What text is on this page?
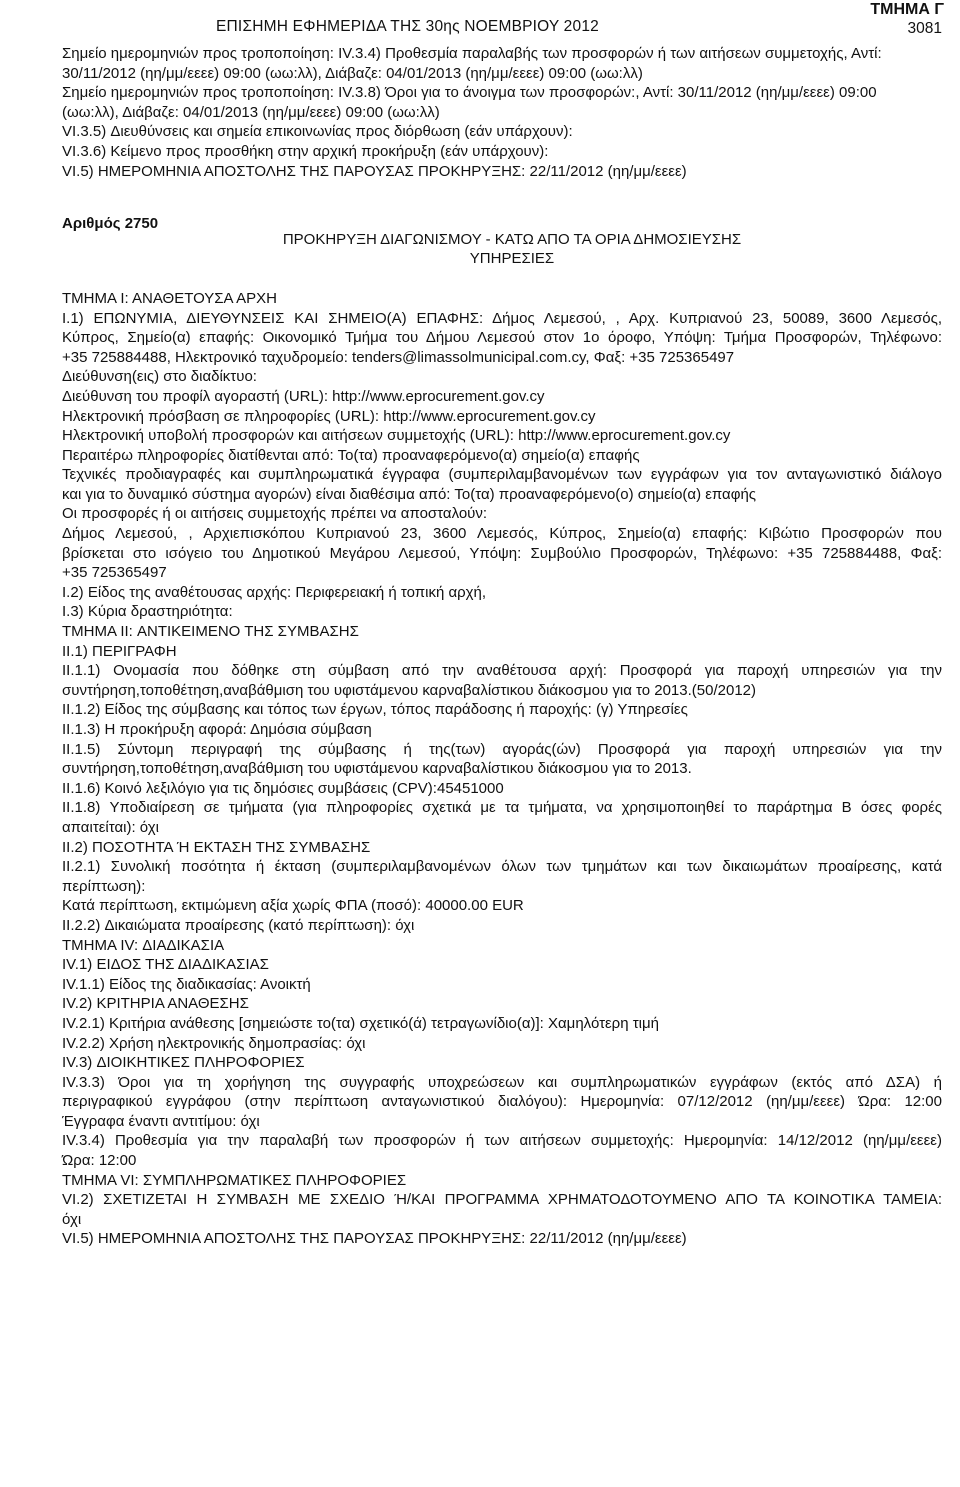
ΕΠΙΣΗΜΗ ΕΦΗΜΕΡΙΔΑ ΤΗΣ 30ης ΝΟΕΜΒΡΙΟΥ 2012
ΤΜΗΜΑ Γ
3081
Σημείο ημερομηνιών προς τροποποίηση: IV.3.4) Προθεσμία παραλαβής των προσφορών ή των αιτήσεων συμμετοχής, Αντί:
30/11/2012 (ηη/μμ/εεεε) 09:00 (ωω:λλ), Διάβαζε: 04/01/2013 (ηη/μμ/εεεε) 09:00 (ωω:λλ)
Σημείο ημερομηνιών προς τροποποίηση: IV.3.8) Όροι για το άνοιγμα των προσφορών:, Αντί: 30/11/2012 (ηη/μμ/εεεε) 09:00
(ωω:λλ), Διάβαζε: 04/01/2013 (ηη/μμ/εεεε) 09:00 (ωω:λλ)
VI.3.5) Διευθύνσεις και σημεία επικοινωνίας προς διόρθωση (εάν υπάρχουν):
VI.3.6) Κείμενο προς προσθήκη στην αρχική προκήρυξη (εάν υπάρχουν):
VI.5) ΗΜΕΡΟΜΗΝΙΑ ΑΠΟΣΤΟΛΗΣ ΤΗΣ ΠΑΡΟΥΣΑΣ ΠΡΟΚΗΡΥΞΗΣ: 22/11/2012 (ηη/μμ/εεεε)
Αριθμός 2750
ΠΡΟΚΗΡΥΞΗ ΔΙΑΓΩΝΙΣΜΟΥ - ΚΑΤΩ ΑΠΟ ΤΑ ΟΡΙΑ ΔΗΜΟΣΙΕΥΣΗΣ
ΥΠΗΡΕΣΙΕΣ
ΤΜΗΜΑ Ι: ΑΝΑΘΕΤΟΥΣΑ ΑΡΧΗ
I.1) ΕΠΩΝΥΜΙΑ, ΔΙΕΥΘΥΝΣΕΙΣ ΚΑΙ ΣΗΜΕΙΟ(Α) ΕΠΑΦΗΣ: Δήμος Λεμεσού, , Αρχ. Κυπριανού 23, 50089, 3600 Λεμεσός,
Κύπρος, Σημείο(α) επαφής: Οικονομικό Τμήμα του Δήμου Λεμεσού στον 1ο όροφο, Υπόψη: Τμήμα Προσφορών, Τηλέφωνο:
+35 725884488, Ηλεκτρονικό ταχυδρομείο: tenders@limassolmunicipal.com.cy, Φαξ: +35 725365497
Διεύθυνση(εις) στο διαδίκτυο:
Διεύθυνση του προφίλ αγοραστή (URL): http://www.eprocurement.gov.cy
Ηλεκτρονική πρόσβαση σε πληροφορίες (URL): http://www.eprocurement.gov.cy
Ηλεκτρονική υποβολή προσφορών και αιτήσεων συμμετοχής (URL): http://www.eprocurement.gov.cy
Περαιτέρω πληροφορίες διατίθενται από: Το(τα) προαναφερόμενο(α) σημείο(α) επαφής
Τεχνικές προδιαγραφές και συμπληρωματικά έγγραφα (συμπεριλαμβανομένων των εγγράφων για τον ανταγωνιστικό διάλογο
και για το δυναμικό σύστημα αγορών) είναι διαθέσιμα από: Το(τα) προαναφερόμενο(ο) σημείο(α) επαφής
Οι προσφορές ή οι αιτήσεις συμμετοχής πρέπει να αποσταλούν:
Δήμος Λεμεσού, , Αρχιεπισκόπου Κυπριανού 23, 3600 Λεμεσός, Κύπρος, Σημείο(α) επαφής: Κιβώτιο Προσφορών που
βρίσκεται στο ισόγειο του Δημοτικού Μεγάρου Λεμεσού, Υπόψη: Συμβούλιο Προσφορών, Τηλέφωνο: +35 725884488, Φαξ:
+35 725365497
I.2) Είδος της αναθέτουσας αρχής: Περιφερειακή ή τοπική αρχή,
I.3) Κύρια δραστηριότητα:
ΤΜΗΜΑ II: ΑΝΤΙΚΕΙΜΕΝΟ ΤΗΣ ΣΥΜΒΑΣΗΣ
II.1) ΠΕΡΙΓΡΑΦΗ
II.1.1) Ονομασία που δόθηκε στη σύμβαση από την αναθέτουσα αρχή: Προσφορά για παροχή υπηρεσιών για την
συντήρηση,τοποθέτηση,αναβάθμιση του υφιστάμενου καρναβαλίστικου διάκοσμου για το 2013.(50/2012)
II.1.2) Είδος της σύμβασης και τόπος των έργων, τόπος παράδοσης ή παροχής: (γ) Υπηρεσίες
II.1.3) Η προκήρυξη αφορά: Δημόσια σύμβαση
II.1.5) Σύντομη περιγραφή της σύμβασης ή της(των) αγοράς(ών) Προσφορά για παροχή υπηρεσιών για την
συντήρηση,τοποθέτηση,αναβάθμιση του υφιστάμενου καρναβαλίστικου διάκοσμου για το 2013.
II.1.6) Κοινό λεξιλόγιο για τις δημόσιες συμβάσεις (CPV):45451000
II.1.8) Υποδιαίρεση σε τμήματα (για πληροφορίες σχετικά με τα τμήματα, να χρησιμοποιηθεί το παράρτημα Β όσες φορές
απαιτείται): όχι
II.2) ΠΟΣΟΤΗΤΑ Ή ΕΚΤΑΣΗ ΤΗΣ ΣΥΜΒΑΣΗΣ
II.2.1) Συνολική ποσότητα ή έκταση (συμπεριλαμβανομένων όλων των τμημάτων και των δικαιωμάτων προαίρεσης, κατά
περίπτωση):
Κατά περίπτωση, εκτιμώμενη αξία χωρίς ΦΠΑ (ποσό): 40000.00 EUR
II.2.2) Δικαιώματα προαίρεσης (κατό περίπτωση): όχι
ΤΜΗΜΑ IV: ΔΙΑΔΙΚΑΣΙΑ
IV.1) ΕΙΔΟΣ ΤΗΣ ΔΙΑΔΙΚΑΣΙΑΣ
IV.1.1) Είδος της διαδικασίας: Ανοικτή
IV.2) ΚΡΙΤΗΡΙΑ ΑΝΑΘΕΣΗΣ
IV.2.1) Κριτήρια ανάθεσης [σημειώστε το(τα) σχετικό(ά) τετραγωνίδιο(α)]: Χαμηλότερη τιμή
IV.2.2) Χρήση ηλεκτρονικής δημοπρασίας: όχι
IV.3) ΔΙΟΙΚΗΤΙΚΕΣ ΠΛΗΡΟΦΟΡΙΕΣ
IV.3.3) Όροι για τη χορήγηση της συγγραφής υποχρεώσεων και συμπληρωματικών εγγράφων (εκτός από ΔΣΑ) ή
περιγραφικού εγγράφου (στην περίπτωση ανταγωνιστικού διαλόγου): Ημερομηνία: 07/12/2012 (ηη/μμ/εεεε) Ώρα: 12:00
Έγγραφα έναντι αντιτίμου: όχι
IV.3.4) Προθεσμία για την παραλαβή των προσφορών ή των αιτήσεων συμμετοχής: Ημερομηνία: 14/12/2012 (ηη/μμ/εεεε)
Ώρα: 12:00
ΤΜΗΜΑ VI: ΣΥΜΠΛΗΡΩΜΑΤΙΚΕΣ ΠΛΗΡΟΦΟΡΙΕΣ
VI.2) ΣΧΕΤΙΖΕΤΑΙ Η ΣΥΜΒΑΣΗ ΜΕ ΣΧΕΔΙΟ Ή/ΚΑΙ ΠΡΟΓΡΑΜΜΑ ΧΡΗΜΑΤΟΔΟΤΟΥΜΕΝΟ ΑΠΟ ΤΑ ΚΟΙΝΟΤΙΚΑ ΤΑΜΕΙΑ:
όχι
VI.5) ΗΜΕΡΟΜΗΝΙΑ ΑΠΟΣΤΟΛΗΣ ΤΗΣ ΠΑΡΟΥΣΑΣ ΠΡΟΚΗΡΥΞΗΣ: 22/11/2012 (ηη/μμ/εεεε)
